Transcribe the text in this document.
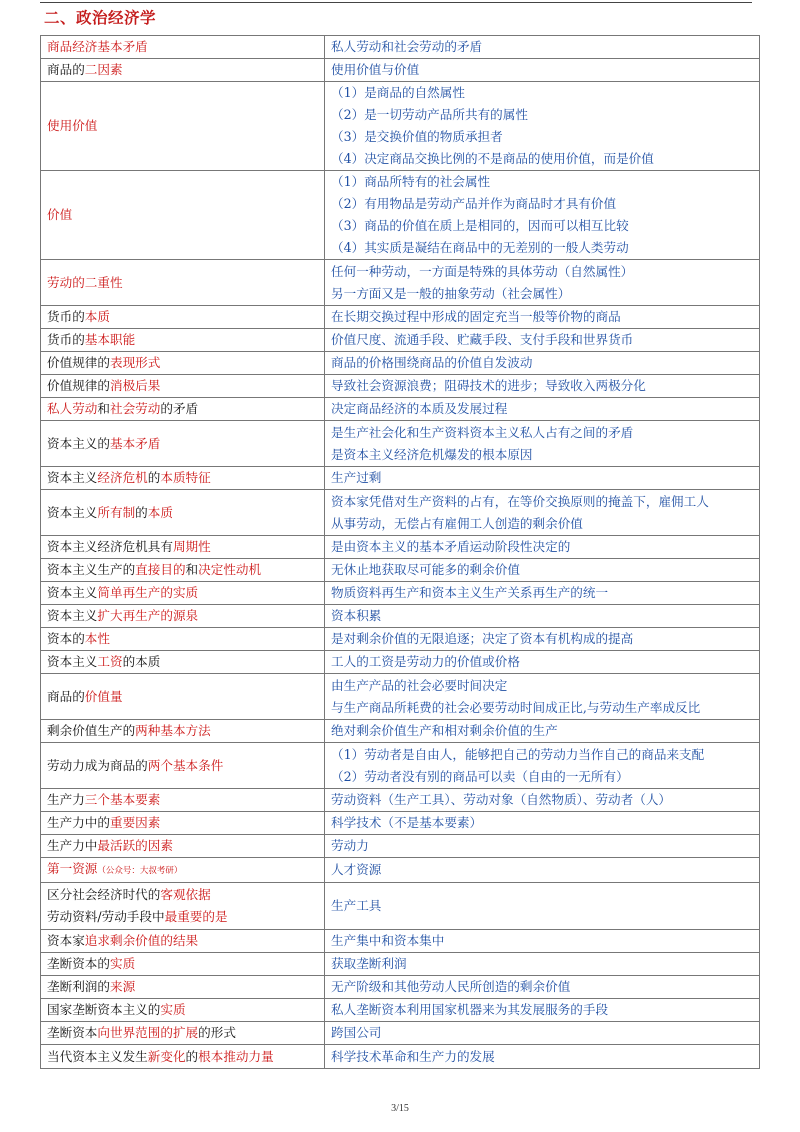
二、政治经济学
商品经济基本矛盾	私人劳动和社会劳动的矛盾

商品的二因素	使用价值与价值

使用价值	（1）是商品的自然属性
（2）是一切劳动产品所共有的属性
（3）是交换价值的物质承担者
（4）决定商品交换比例的不是商品的使用价值，而是价值

价值	（1）商品所特有的社会属性
（2）有用物品是劳动产品并作为商品时才具有价值
（3）商品的价值在质上是相同的，因而可以相互比较
（4）其实质是凝结在商品中的无差别的一般人类劳动

劳动的二重性	任何一种劳动，一方面是特殊的具体劳动（自然属性）
另一方面又是一般的抽象劳动（社会属性）

货币的本质	在长期交换过程中形成的固定充当一般等价物的商品

货币的基本职能	价值尺度、流通手段、贮藏手段、支付手段和世界货币

价值规律的表现形式	商品的价格围绕商品的价值自发波动

价值规律的消极后果	导致社会资源浪费；阻碍技术的进步；导致收入两极分化

私人劳动和社会劳动的矛盾	决定商品经济的本质及发展过程

资本主义的基本矛盾	是生产社会化和生产资料资本主义私人占有之间的矛盾
是资本主义经济危机爆发的根本原因

资本主义经济危机的本质特征	生产过剩

资本主义所有制的本质	资本家凭借对生产资料的占有，在等价交换原则的掩盖下，雇佣工人
从事劳动，无偿占有雇佣工人创造的剩余价值

资本主义经济危机具有周期性	是由资本主义的基本矛盾运动阶段性决定的

资本主义生产的直接目的和决定性动机	无休止地获取尽可能多的剩余价值

资本主义简单再生产的实质	物质资料再生产和资本主义生产关系再生产的统一

资本主义扩大再生产的源泉	资本积累

资本的本性	是对剩余价值的无限追逐；决定了资本有机构成的提高

资本主义工资的本质	工人的工资是劳动力的价值或价格

商品的价值量	由生产产品的社会必要时间决定
与生产商品所耗费的社会必要劳动时间成正比,与劳动生产率成反比

剩余价值生产的两种基本方法	绝对剩余价值生产和相对剩余价值的生产

劳动力成为商品的两个基本条件	（1）劳动者是自由人，能够把自己的劳动力当作自己的商品来支配
（2）劳动者没有别的商品可以卖（自由的一无所有）

生产力三个基本要素	劳动资料（生产工具）、劳动对象（自然物质）、劳动者（人）

生产力中的重要因素	科学技术（不是基本要素）

生产力中最活跃的因素	劳动力

第一资源（公众号：大叔考研）	人才资源

区分社会经济时代的客观依据
劳动资料/劳动手段中最重要的是	生产工具

资本家追求剩余价值的结果	生产集中和资本集中

垄断资本的实质	获取垄断利润

垄断利润的来源	无产阶级和其他劳动人民所创造的剩余价值

国家垄断资本主义的实质	私人垄断资本利用国家机器来为其发展服务的手段

垄断资本向世界范围的扩展的形式	跨国公司

当代资本主义发生新变化的根本推动力量	科学技术革命和生产力的发展
3/15
